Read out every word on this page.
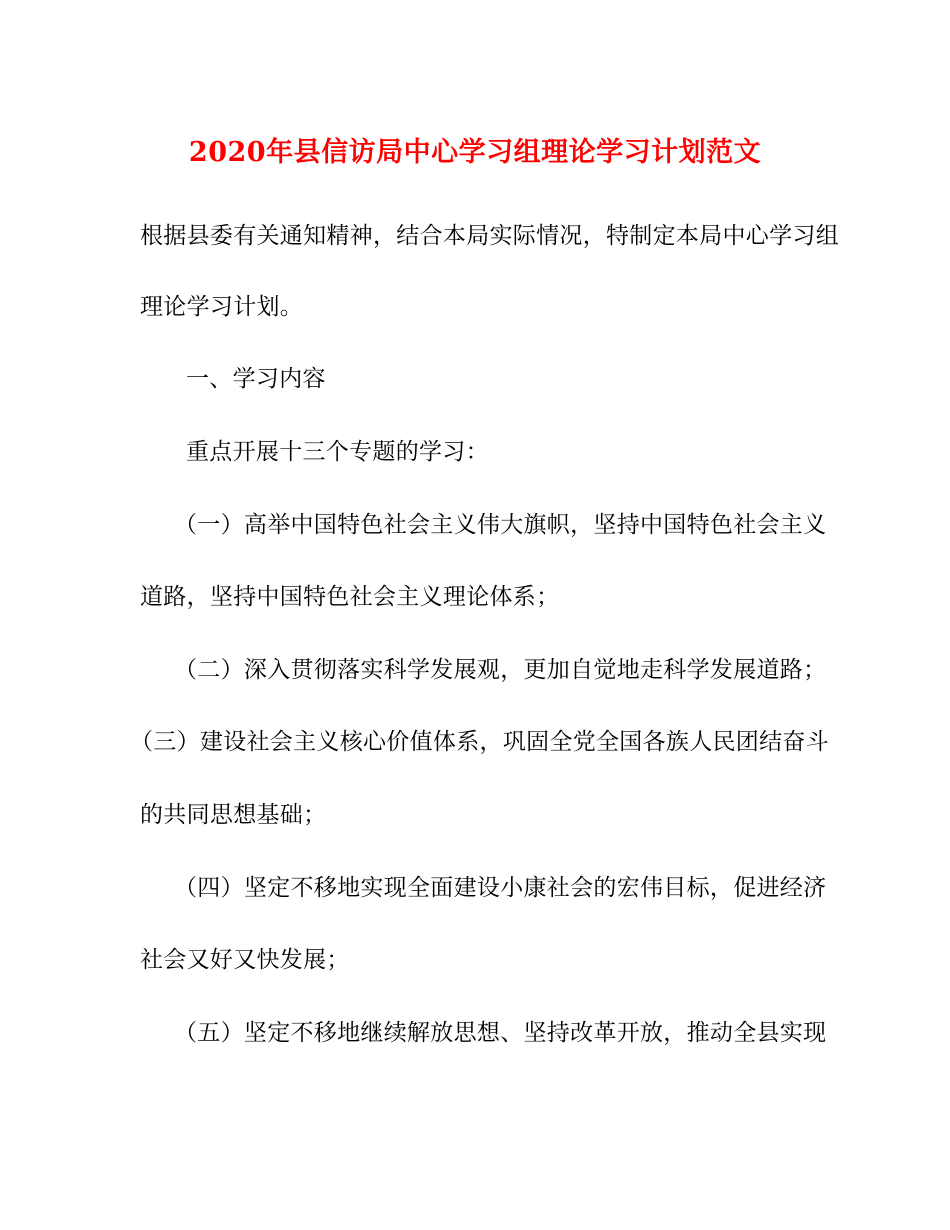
2020年县信访局中心学习组理论学习计划范文
根据县委有关通知精神，结合本局实际情况，特制定本局中心学习组
理论学习计划。
一、学习内容
重点开展十三个专题的学习：
（一）高举中国特色社会主义伟大旗帜，坚持中国特色社会主义
道路，坚持中国特色社会主义理论体系；
（二）深入贯彻落实科学发展观，更加自觉地走科学发展道路；
（三）建设社会主义核心价值体系，巩固全党全国各族人民团结奋斗
的共同思想基础；
（四）坚定不移地实现全面建设小康社会的宏伟目标，促进经济
社会又好又快发展；
（五）坚定不移地继续解放思想、坚持改革开放，推动全县实现
